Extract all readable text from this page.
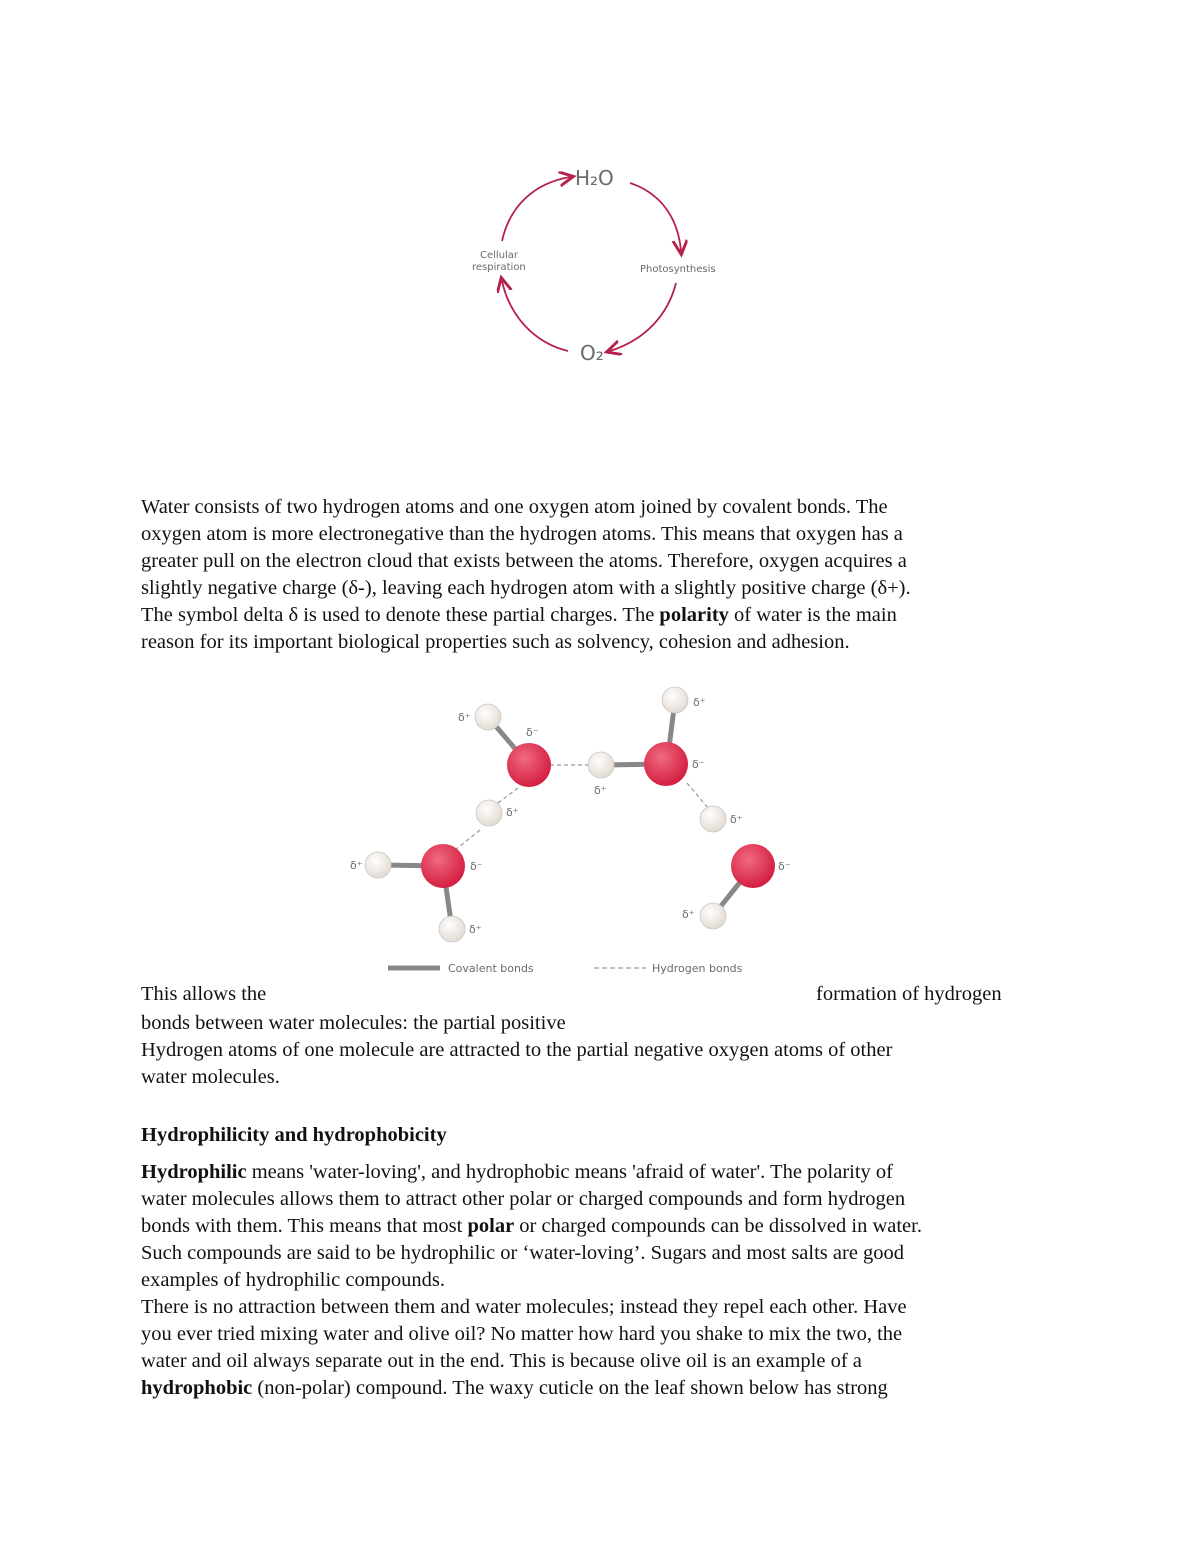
H₂O
O₂
Cellular
respiration	Photosynthesis
Water consists of two hydrogen atoms and one oxygen atom joined by covalent bonds. The
oxygen atom is more electronegative than the hydrogen atoms. This means that oxygen has a
greater pull on the electron cloud that exists between the atoms. Therefore, oxygen acquires a
slightly negative charge (δ-), leaving each hydrogen atom with a slightly positive charge (δ+).
The symbol delta δ is used to denote these partial charges. The polarity of water is the main
reason for its important biological properties such as solvency, cohesion and adhesion.
δ⁺
δ⁻
δ⁺
δ⁺
δ⁺
δ⁻
δ⁺
δ⁻
δ⁺	δ⁻
δ⁺
δ⁺
Covalent bonds	Hydrogen bonds
This allows the	formation of hydrogen
bonds between water molecules: the partial positive
Hydrogen atoms of one molecule are attracted to the partial negative oxygen atoms of other
water molecules.
Hydrophilicity and hydrophobicity
Hydrophilic means 'water-loving', and hydrophobic means 'afraid of water'. The polarity of
water molecules allows them to attract other polar or charged compounds and form hydrogen
bonds with them. This means that most polar or charged compounds can be dissolved in water.
Such compounds are said to be hydrophilic or ‘water-loving’. Sugars and most salts are good
examples of hydrophilic compounds.
There is no attraction between them and water molecules; instead they repel each other. Have
you ever tried mixing water and olive oil? No matter how hard you shake to mix the two, the
water and oil always separate out in the end. This is because olive oil is an example of a
hydrophobic (non-polar) compound. The waxy cuticle on the leaf shown below has strong
